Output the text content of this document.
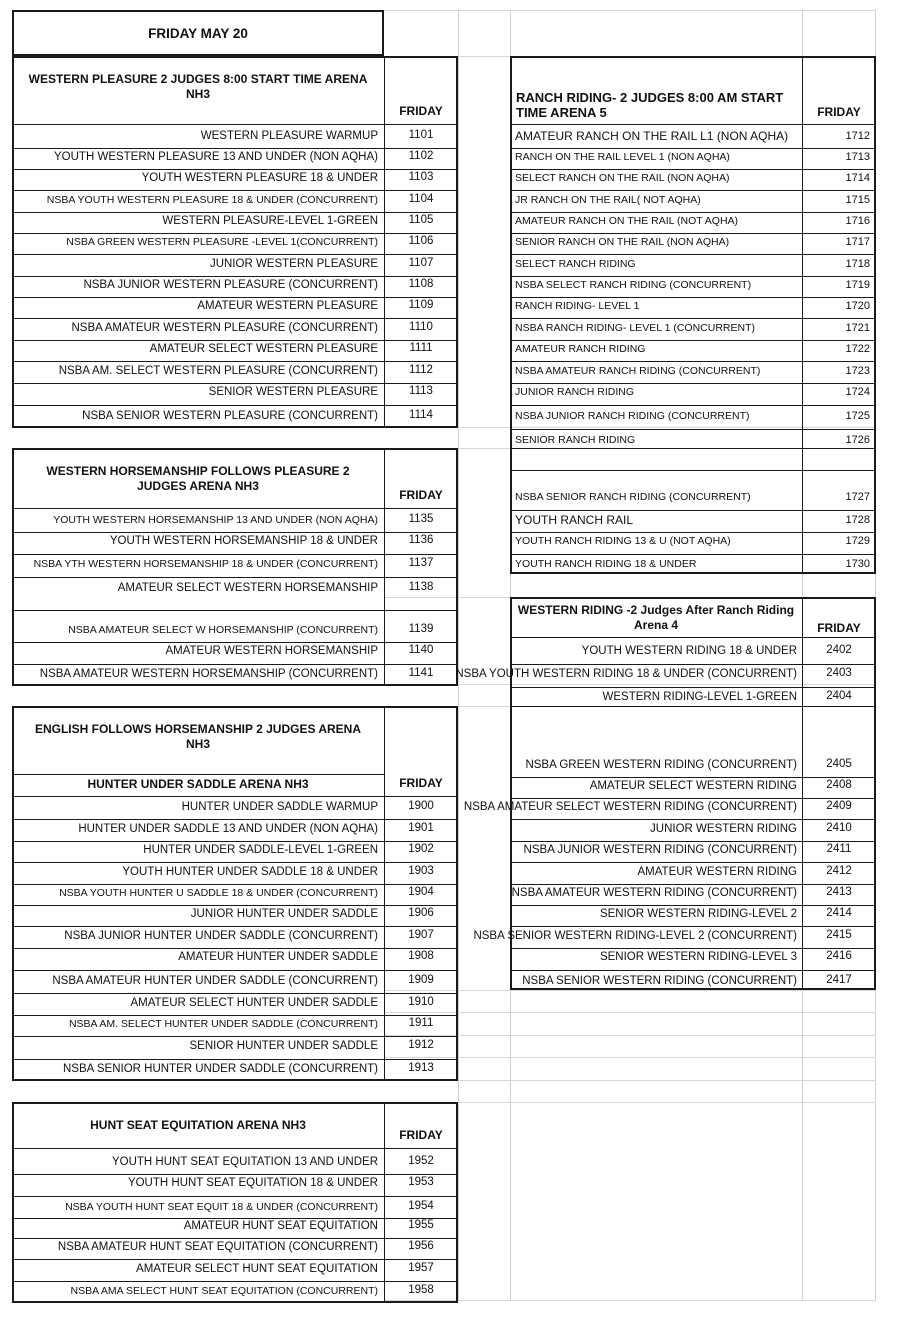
FRIDAY MAY 20
WESTERN PLEASURE 2 JUDGES 8:00 START TIME ARENA NH3
FRIDAY
WESTERN PLEASURE WARMUP	1101
YOUTH WESTERN PLEASURE 13 AND UNDER (NON AQHA)	1102
YOUTH WESTERN PLEASURE 18 & UNDER	1103
NSBA YOUTH WESTERN PLEASURE 18 & UNDER (CONCURRENT)	1104
WESTERN PLEASURE-LEVEL 1-GREEN	1105
NSBA GREEN WESTERN PLEASURE -LEVEL 1(CONCURRENT)	1106
JUNIOR WESTERN PLEASURE	1107
NSBA JUNIOR WESTERN PLEASURE (CONCURRENT)	1108
AMATEUR WESTERN PLEASURE	1109
NSBA AMATEUR WESTERN PLEASURE (CONCURRENT)	1110
AMATEUR SELECT WESTERN PLEASURE	1111
NSBA AM. SELECT WESTERN PLEASURE (CONCURRENT)	1112
SENIOR WESTERN PLEASURE	1113
NSBA SENIOR WESTERN PLEASURE (CONCURRENT)	1114
WESTERN HORSEMANSHIP FOLLOWS PLEASURE 2 JUDGES ARENA NH3
FRIDAY
YOUTH WESTERN HORSEMANSHIP 13 AND UNDER (NON AQHA)	1135
YOUTH WESTERN HORSEMANSHIP 18 & UNDER	1136
NSBA YTH WESTERN HORSEMANSHIP 18 & UNDER (CONCURRENT)	1137
AMATEUR SELECT WESTERN HORSEMANSHIP	1138
NSBA AMATEUR SELECT W HORSEMANSHIP (CONCURRENT)	1139
AMATEUR WESTERN HORSEMANSHIP	1140
NSBA AMATEUR WESTERN HORSEMANSHIP (CONCURRENT)	1141
ENGLISH FOLLOWS HORSEMANSHIP 2 JUDGES ARENA NH3
FRIDAY
HUNTER UNDER SADDLE ARENA NH3
HUNTER UNDER SADDLE WARMUP	1900
HUNTER UNDER SADDLE 13 AND UNDER (NON AQHA)	1901
HUNTER UNDER SADDLE-LEVEL 1-GREEN	1902
YOUTH HUNTER UNDER SADDLE 18 & UNDER	1903
NSBA YOUTH HUNTER U SADDLE 18 & UNDER (CONCURRENT)	1904
JUNIOR HUNTER UNDER SADDLE	1906
NSBA JUNIOR HUNTER UNDER SADDLE (CONCURRENT)	1907
AMATEUR HUNTER UNDER SADDLE	1908
NSBA AMATEUR HUNTER UNDER SADDLE (CONCURRENT)	1909
AMATEUR SELECT HUNTER UNDER SADDLE	1910
NSBA AM. SELECT HUNTER UNDER SADDLE (CONCURRENT)	1911
SENIOR HUNTER UNDER SADDLE	1912
NSBA SENIOR HUNTER UNDER SADDLE (CONCURRENT)	1913
HUNT SEAT EQUITATION ARENA NH3
FRIDAY
YOUTH HUNT SEAT EQUITATION 13 AND UNDER	1952
YOUTH HUNT SEAT EQUITATION 18 & UNDER	1953
NSBA YOUTH HUNT SEAT EQUIT 18 & UNDER (CONCURRENT)	1954
AMATEUR HUNT SEAT EQUITATION	1955
NSBA AMATEUR HUNT SEAT EQUITATION (CONCURRENT)	1956
AMATEUR SELECT HUNT SEAT EQUITATION	1957
NSBA AMA SELECT HUNT SEAT EQUITATION (CONCURRENT)	1958
RANCH RIDING- 2 JUDGES 8:00 AM START TIME ARENA 5	FRIDAY
AMATEUR RANCH ON THE RAIL L1 (NON AQHA)	1712
RANCH ON THE RAIL LEVEL 1 (NON AQHA)	1713
SELECT RANCH ON THE RAIL (NON AQHA)	1714
JR RANCH ON THE RAIL( NOT AQHA)	1715
AMATEUR RANCH ON THE RAIL (NOT AQHA)	1716
SENIOR RANCH ON THE RAIL (NON AQHA)	1717
SELECT RANCH RIDING	1718
NSBA SELECT RANCH RIDING (CONCURRENT)	1719
RANCH RIDING- LEVEL 1	1720
NSBA RANCH RIDING- LEVEL 1 (CONCURRENT)	1721
AMATEUR RANCH RIDING	1722
NSBA AMATEUR RANCH RIDING (CONCURRENT)	1723
JUNIOR RANCH RIDING	1724
NSBA JUNIOR RANCH RIDING (CONCURRENT)	1725
SENIOR RANCH RIDING	1726
NSBA SENIOR RANCH RIDING (CONCURRENT)	1727
YOUTH RANCH RAIL	1728
YOUTH RANCH RIDING 13 & U (NOT AQHA)	1729
YOUTH RANCH RIDING 18 & UNDER	1730
WESTERN RIDING -2 Judges After Ranch Riding Arena 4	FRIDAY
YOUTH WESTERN RIDING 18 & UNDER	2402
NSBA YOUTH WESTERN RIDING 18 & UNDER (CONCURRENT)	2403
WESTERN RIDING-LEVEL 1-GREEN	2404
NSBA GREEN WESTERN RIDING (CONCURRENT)	2405
AMATEUR SELECT WESTERN RIDING	2408
NSBA AMATEUR SELECT WESTERN RIDING (CONCURRENT)	2409
JUNIOR WESTERN RIDING	2410
NSBA JUNIOR WESTERN RIDING (CONCURRENT)	2411
AMATEUR WESTERN RIDING	2412
NSBA AMATEUR WESTERN RIDING (CONCURRENT)	2413
SENIOR WESTERN RIDING-LEVEL 2	2414
NSBA SENIOR WESTERN RIDING-LEVEL 2 (CONCURRENT)	2415
SENIOR WESTERN RIDING-LEVEL 3	2416
NSBA SENIOR WESTERN RIDING (CONCURRENT)	2417
